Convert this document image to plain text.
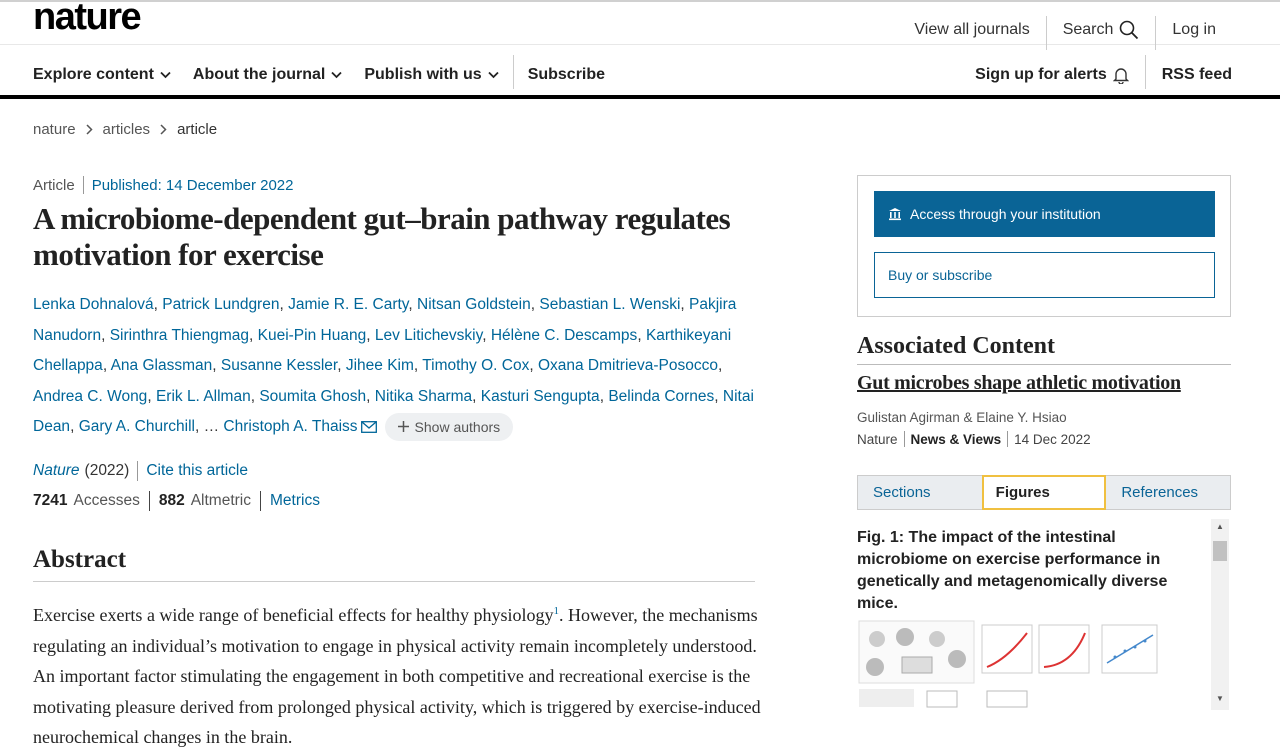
nature	View all journals Search	Log in
Explore content About the journal Publish with us	Subscribe	Sign up for alerts	RSS feed
nature articles article
Article Published: 14 December 2022
A microbiome-dependent gut–brain pathway regulates motivation for exercise
Lenka Dohnalová, Patrick Lundgren, Jamie R. E. Carty, Nitsan Goldstein, Sebastian L. Wenski, Pakjira Nanudorn, Sirinthra Thiengmag, Kuei-Pin Huang, Lev Litichevskiy, Hélène C. Descamps, Karthikeyani Chellappa, Ana Glassman, Susanne Kessler, Jihee Kim, Timothy O. Cox, Oxana Dmitrieva-Posocco, Andrea C. Wong, Erik L. Allman, Soumita Ghosh, Nitika Sharma, Kasturi Sengupta, Belinda Cornes, Nitai Dean, Gary A. Churchill, … Christoph A. Thaiss	Show authors
Nature (2022) Cite this article
7241 Accesses 882 Altmetric Metrics
Abstract

Exercise exerts a wide range of beneficial effects for healthy physiology$^1$. However, the mechanisms regulating an individual’s motivation to engage in physical activity remain incompletely understood. An important factor stimulating the engagement in both competitive and recreational exercise is the motivating pleasure derived from prolonged physical activity, which is triggered by exercise-induced neurochemical changes in the brain.

Access through your institution
Buy or subscribe
Associated Content
Gut microbes shape athletic motivation
Gulistan Agirman & Elaine Y. Hsiao
Nature News & Views 14 Dec 2022
Sections	Figures	References
Fig. 1: The impact of the intestinal microbiome on exercise performance in genetically and metagenomically diverse mice.
▲
▼
